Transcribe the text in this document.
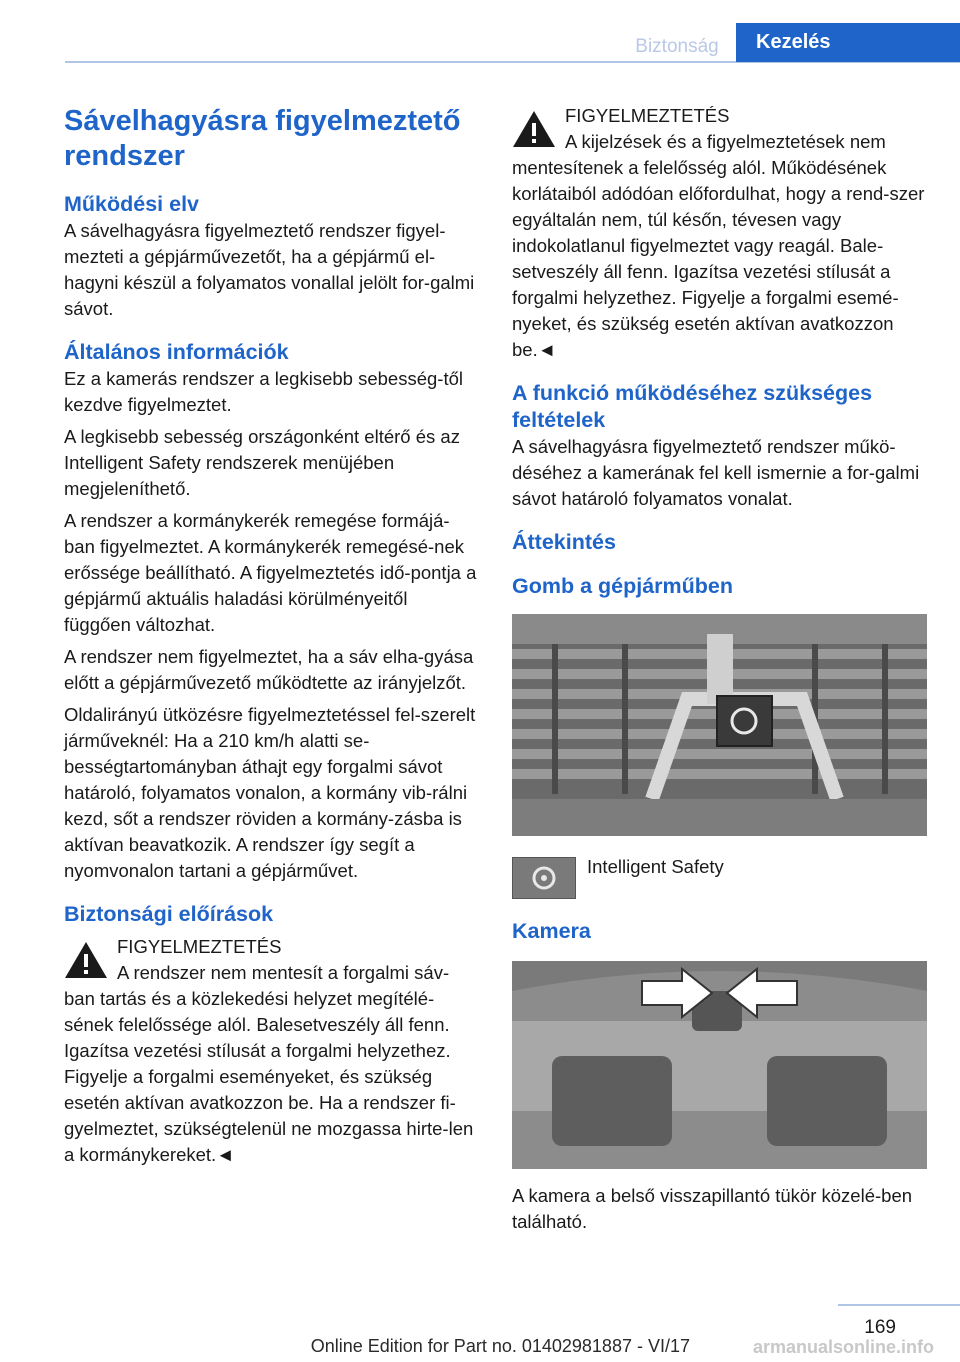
Biztonság	Kezelés
Sávelhagyásra figyelmeztető rendszer
Működési elv

A sávelhagyásra figyelmeztető rendszer figyel-mezteti a gépjárművezetőt, ha a gépjármű el-hagyni készül a folyamatos vonallal jelölt for-galmi sávot.

Általános információk

Ez a kamerás rendszer a legkisebb sebesség-től kezdve figyelmeztet.

A legkisebb sebesség országonként eltérő és az Intelligent Safety rendszerek menüjében megjeleníthető.

A rendszer a kormánykerék remegése formájá-ban figyelmeztet. A kormánykerék remegésé-nek erőssége beállítható. A figyelmeztetés idő-pontja a gépjármű aktuális haladási körülményeitől függően változhat.

A rendszer nem figyelmeztet, ha a sáv elha-gyása előtt a gépjárművezető működtette az irányjelzőt.

Oldalirányú ütközésre figyelmeztetéssel fel-szerelt járműveknél: Ha a 210 km/h alatti se-bességtartományban áthajt egy forgalmi sávot határoló, folyamatos vonalon, a kormány vib-rálni kezd, sőt a rendszer röviden a kormány-zásba is aktívan beavatkozik. A rendszer így segít a nyomvonalon tartani a gépjárművet.

Biztonsági előírások
FIGYELMEZTETÉS

A rendszer nem mentesít a forgalmi sáv-ban tartás és a közlekedési helyzet megítélé-sének felelőssége alól. Balesetveszély áll fenn. Igazítsa vezetési stílusát a forgalmi helyzethez. Figyelje a forgalmi eseményeket, és szükség esetén aktívan avatkozzon be. Ha a rendszer fi-gyelmeztet, szükségtelenül ne mozgassa hirte-len a kormánykereket.◄

FIGYELMEZTETÉS

A kijelzések és a figyelmeztetések nem mentesítenek a felelősség alól. Működésének korlátaiból adódóan előfordulhat, hogy a rend-szer egyáltalán nem, túl későn, tévesen vagy indokolatlanul figyelmeztet vagy reagál. Bale-setveszély áll fenn. Igazítsa vezetési stílusát a forgalmi helyzethez. Figyelje a forgalmi esemé-nyeket, és szükség esetén aktívan avatkozzon be.◄

A funkció működéséhez szükséges feltételek

A sávelhagyásra figyelmeztető rendszer műkö-déséhez a kamerának fel kell ismernie a for-galmi sávot határoló folyamatos vonalat.

Áttekintés
Gomb a gépjárműben
Intelligent Safety
Kamera

A kamera a belső visszapillantó tükör közelé-ben található.

169
Online Edition for Part no. 01402981887 - VI/17	armanualsonline.info
